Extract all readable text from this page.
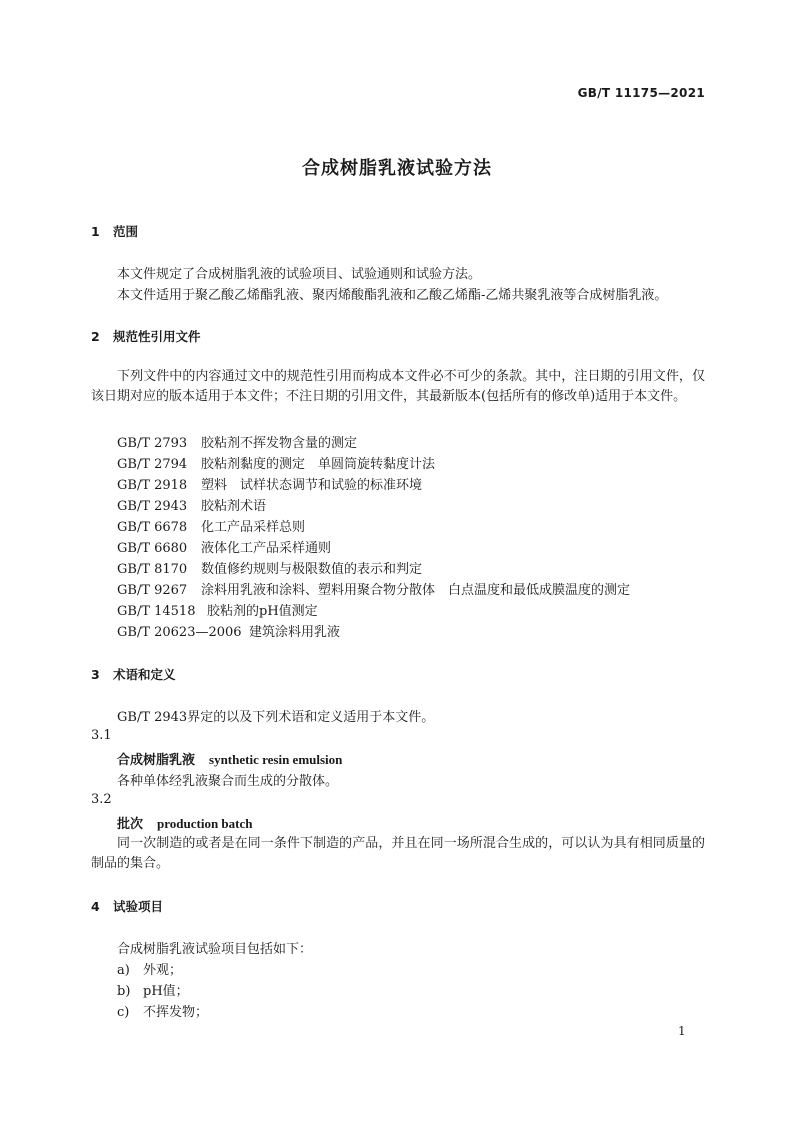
GB/T 11175—2021
合成树脂乳液试验方法
1 范围
本文件规定了合成树脂乳液的试验项目、试验通则和试验方法。
本文件适用于聚乙酸乙烯酯乳液、聚丙烯酸酯乳液和乙酸乙烯酯-乙烯共聚乳液等合成树脂乳液。
2 规范性引用文件
下列文件中的内容通过文中的规范性引用而构成本文件必不可少的条款。其中，注日期的引用文件，仅该日期对应的版本适用于本文件；不注日期的引用文件，其最新版本(包括所有的修改单)适用于本文件。
GB/T 2793 胶粘剂不挥发物含量的测定
GB/T 2794 胶粘剂黏度的测定　单圆筒旋转黏度计法
GB/T 2918 塑料　试样状态调节和试验的标准环境
GB/T 2943 胶粘剂术语
GB/T 6678 化工产品采样总则
GB/T 6680 液体化工产品采样通则
GB/T 8170 数值修约规则与极限数值的表示和判定
GB/T 9267 涂料用乳液和涂料、塑料用聚合物分散体　白点温度和最低成膜温度的测定
GB/T 14518 胶粘剂的pH值测定
GB/T 20623—2006 建筑涂料用乳液
3 术语和定义
GB/T 2943界定的以及下列术语和定义适用于本文件。
3.1
合成树脂乳液 synthetic resin emulsion
各种单体经乳液聚合而生成的分散体。
3.2
批次 production batch
同一次制造的或者是在同一条件下制造的产品，并且在同一场所混合生成的，可以认为具有相同质量的制品的集合。
4 试验项目
合成树脂乳液试验项目包括如下：
a) 外观；
b) pH值；
c) 不挥发物；
1
